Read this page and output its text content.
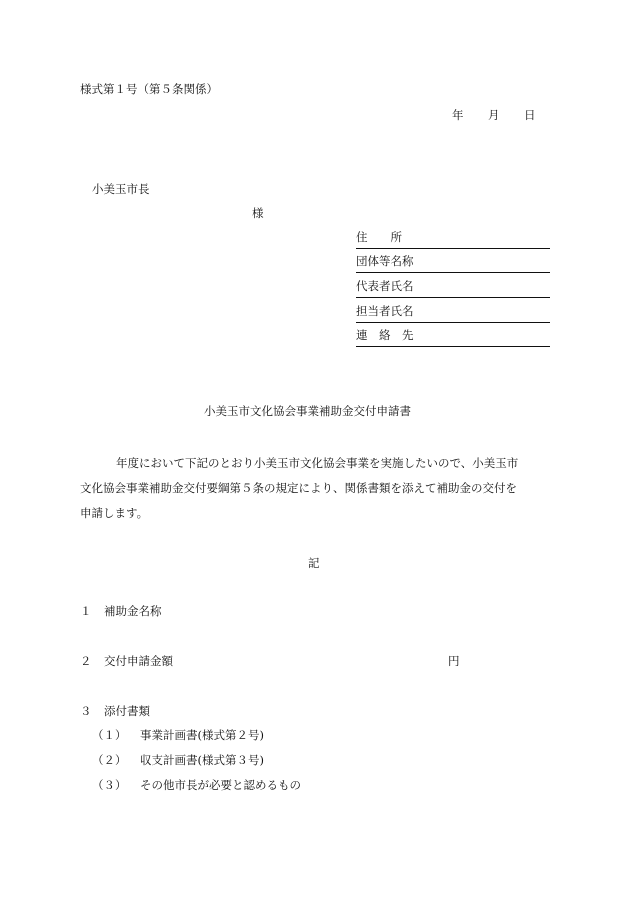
様式第１号（第５条関係）
年 月 日
小美玉市長
様
住　　所
団体等名称
代表者氏名
担当者氏名
連　絡　先
小美玉市文化協会事業補助金交付申請書
年度において下記のとおり小美玉市文化協会事業を実施したいので、小美玉市
文化協会事業補助金交付要綱第５条の規定により、関係書類を添えて補助金の交付を
申請します。
記
１ 補助金名称
２ 交付申請金額	円
３ 添付書類
（１） 事業計画書(様式第２号)
（２） 収支計画書(様式第３号)
（３） その他市長が必要と認めるもの
